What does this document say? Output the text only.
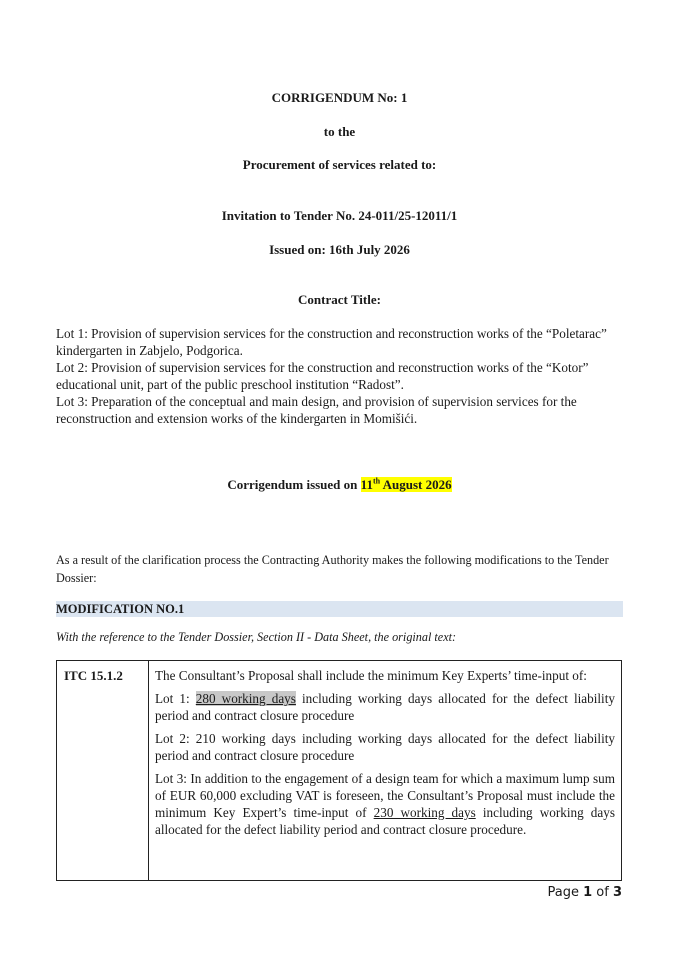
CORRIGENDUM No: 1
to the
Procurement of services related to:
Invitation to Tender No. 24-011/25-12011/1
Issued on: 16th July 2026
Contract Title:

Lot 1: Provision of supervision services for the construction and reconstruction works of the “Poletarac” kindergarten in Zabjelo, Podgorica.

Lot 2: Provision of supervision services for the construction and reconstruction works of the “Kotor” educational unit, part of the public preschool institution “Radost”.

Lot 3: Preparation of the conceptual and main design, and provision of supervision services for the reconstruction and extension works of the kindergarten in Momišići.

Corrigendum issued on 11th August 2026
As a result of the clarification process the Contracting Authority makes the following modifications to the Tender Dossier:
MODIFICATION NO.1
With the reference to the Tender Dossier, Section II - Data Sheet, the original text:
ITC 15.1.2	The Consultant’s Proposal shall include the minimum Key Experts’ time-input of:

Lot 1: 280 working days including working days allocated for the defect liability period and contract closure procedure

Lot 2: 210 working days including working days allocated for the defect liability period and contract closure procedure

Lot 3: In addition to the engagement of a design team for which a maximum lump sum of EUR 60,000 excluding VAT is foreseen, the Consultant’s Proposal must include the minimum Key Expert’s time-input of 230 working days including working days allocated for the defect liability period and contract closure procedure.

Page 1 of 3
